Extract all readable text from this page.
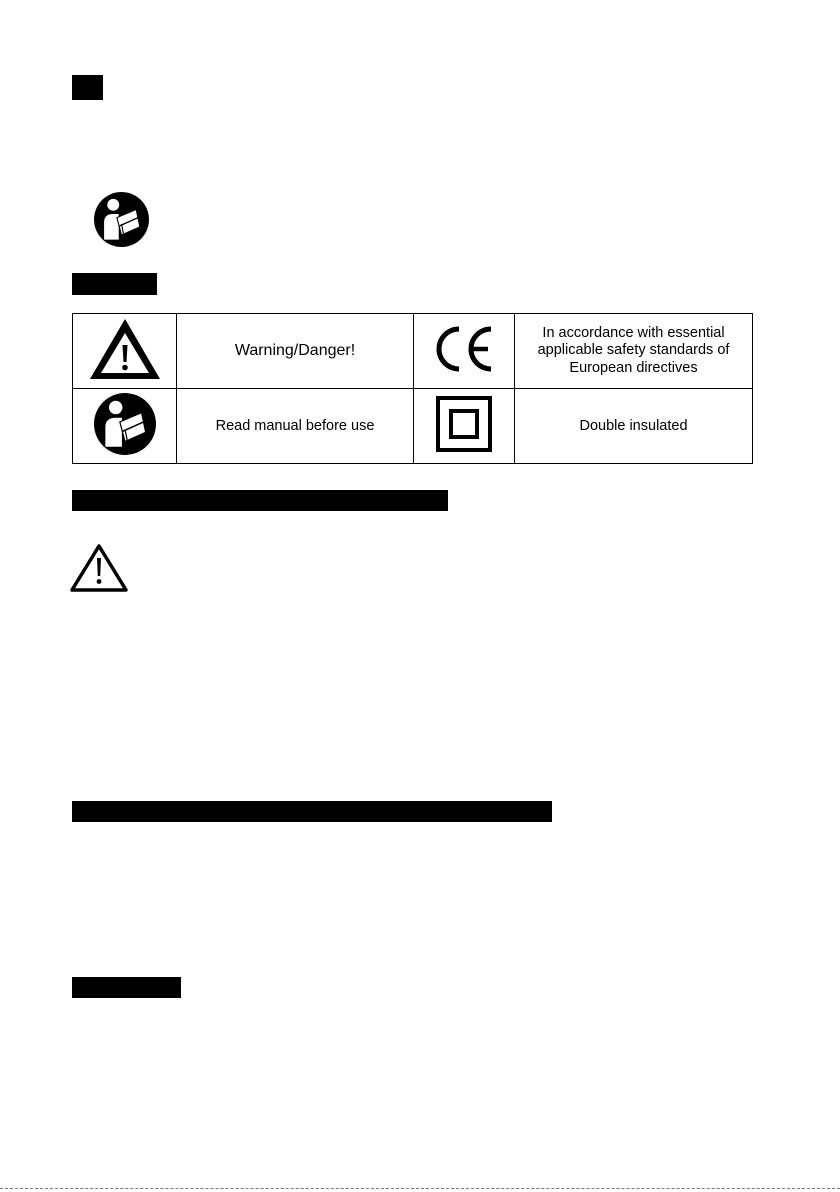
	Warning/Danger!		In accordance with essential
applicable safety standards of
European directives

	Read manual before use		Double insulated
